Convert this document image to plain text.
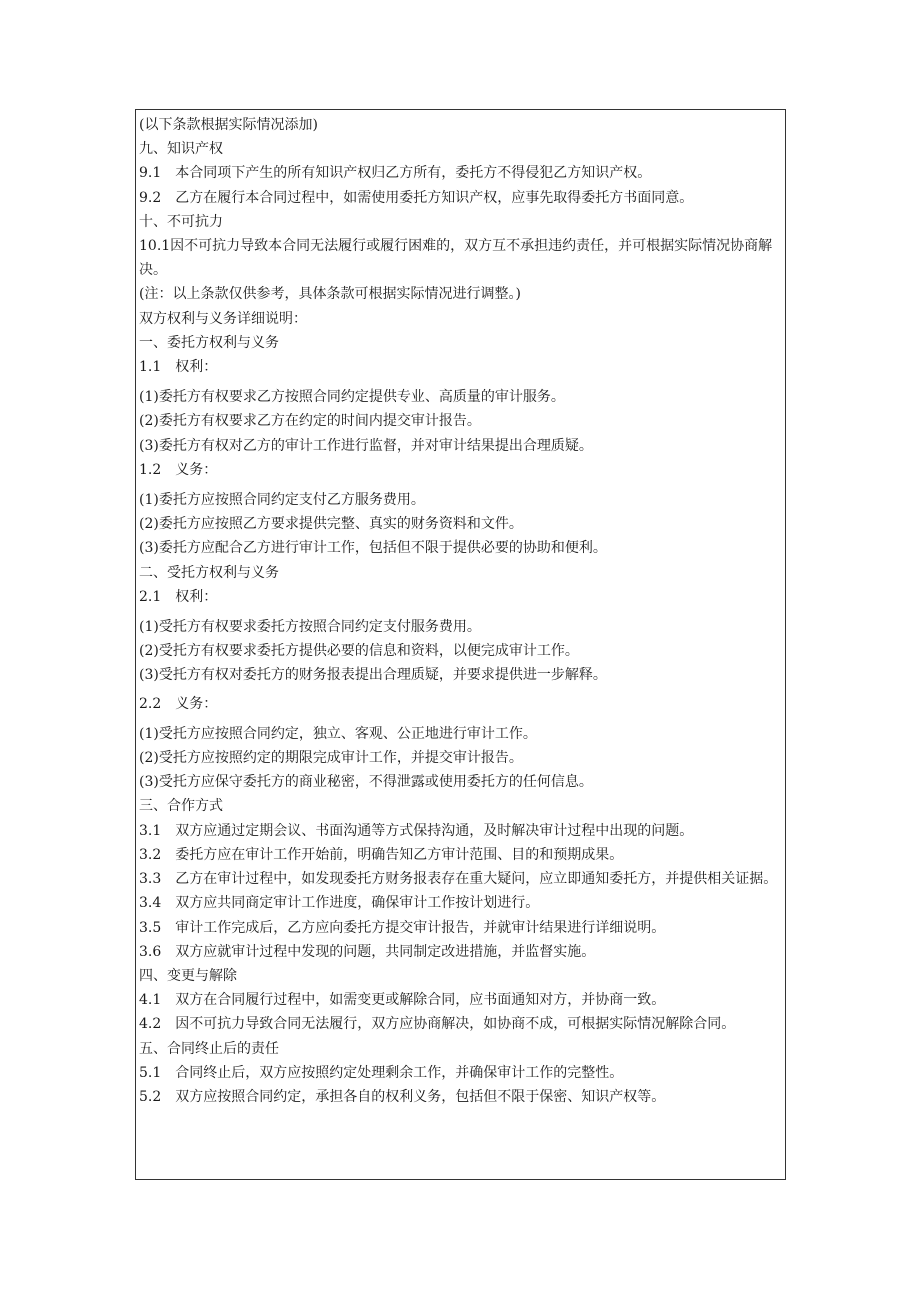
(以下条款根据实际情况添加)
九、知识产权
9.1　本合同项下产生的所有知识产权归乙方所有，委托方不得侵犯乙方知识产权。
9.2　乙方在履行本合同过程中，如需使用委托方知识产权，应事先取得委托方书面同意。
十、不可抗力
10.1因不可抗力导致本合同无法履行或履行困难的，双方互不承担违约责任，并可根据实际情况协商解决。
(注：以上条款仅供参考，具体条款可根据实际情况进行调整。)
双方权利与义务详细说明：
一、委托方权利与义务
1.1　权利：
(1)委托方有权要求乙方按照合同约定提供专业、高质量的审计服务。
(2)委托方有权要求乙方在约定的时间内提交审计报告。
(3)委托方有权对乙方的审计工作进行监督，并对审计结果提出合理质疑。
1.2　义务：
(1)委托方应按照合同约定支付乙方服务费用。
(2)委托方应按照乙方要求提供完整、真实的财务资料和文件。
(3)委托方应配合乙方进行审计工作，包括但不限于提供必要的协助和便利。
二、受托方权利与义务
2.1　权利：
(1)受托方有权要求委托方按照合同约定支付服务费用。
(2)受托方有权要求委托方提供必要的信息和资料，以便完成审计工作。
(3)受托方有权对委托方的财务报表提出合理质疑，并要求提供进一步解释。
2.2　义务：
(1)受托方应按照合同约定，独立、客观、公正地进行审计工作。
(2)受托方应按照约定的期限完成审计工作，并提交审计报告。
(3)受托方应保守委托方的商业秘密，不得泄露或使用委托方的任何信息。
三、合作方式
3.1　双方应通过定期会议、书面沟通等方式保持沟通，及时解决审计过程中出现的问题。
3.2　委托方应在审计工作开始前，明确告知乙方审计范围、目的和预期成果。
3.3　乙方在审计过程中，如发现委托方财务报表存在重大疑问，应立即通知委托方，并提供相关证据。
3.4　双方应共同商定审计工作进度，确保审计工作按计划进行。
3.5　审计工作完成后，乙方应向委托方提交审计报告，并就审计结果进行详细说明。
3.6　双方应就审计过程中发现的问题，共同制定改进措施，并监督实施。
四、变更与解除
4.1　双方在合同履行过程中，如需变更或解除合同，应书面通知对方，并协商一致。
4.2　因不可抗力导致合同无法履行，双方应协商解决，如协商不成，可根据实际情况解除合同。
五、合同终止后的责任
5.1　合同终止后，双方应按照约定处理剩余工作，并确保审计工作的完整性。
5.2　双方应按照合同约定，承担各自的权利义务，包括但不限于保密、知识产权等。
